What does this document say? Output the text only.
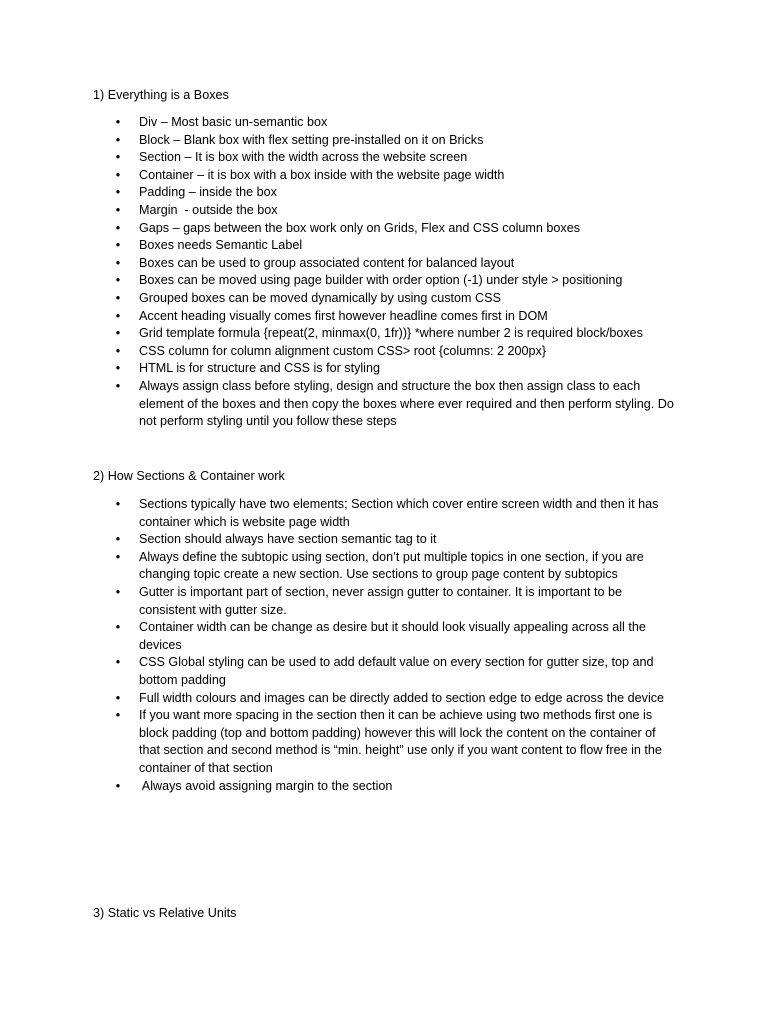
1) Everything is a Boxes

•	Div – Most basic un-semantic box
•	Block – Blank box with flex setting pre-installed on it on Bricks
•	Section – It is box with the width across the website screen
•	Container – it is box with a box inside with the website page width
•	Padding – inside the box
•	Margin  - outside the box
•	Gaps – gaps between the box work only on Grids, Flex and CSS column boxes
•	Boxes needs Semantic Label
•	Boxes can be used to group associated content for balanced layout
•	Boxes can be moved using page builder with order option (-1) under style > positioning
•	Grouped boxes can be moved dynamically by using custom CSS
•	Accent heading visually comes first however headline comes first in DOM
•	Grid template formula {repeat(2, minmax(0, 1fr))} *where number 2 is required block/boxes
•	CSS column for column alignment custom CSS> root {columns: 2 200px}
•	HTML is for structure and CSS is for styling
•	Always assign class before styling, design and structure the box then assign class to each element of the boxes and then copy the boxes where ever required and then perform styling. Do not perform styling until you follow these steps

2) How Sections & Container work

•	Sections typically have two elements; Section which cover entire screen width and then it has container which is website page width
•	Section should always have section semantic tag to it
•	Always define the subtopic using section, don’t put multiple topics in one section, if you are changing topic create a new section. Use sections to group page content by subtopics
•	Gutter is important part of section, never assign gutter to container. It is important to be consistent with gutter size.
•	Container width can be change as desire but it should look visually appealing across all the devices
•	CSS Global styling can be used to add default value on every section for gutter size, top and bottom padding
•	Full width colours and images can be directly added to section edge to edge across the device
•	If you want more spacing in the section then it can be achieve using two methods first one is block padding (top and bottom padding) however this will lock the content on the container of that section and second method is “min. height” use only if you want content to flow free in the container of that section
•	Always avoid assigning margin to the section

3) Static vs Relative Units
